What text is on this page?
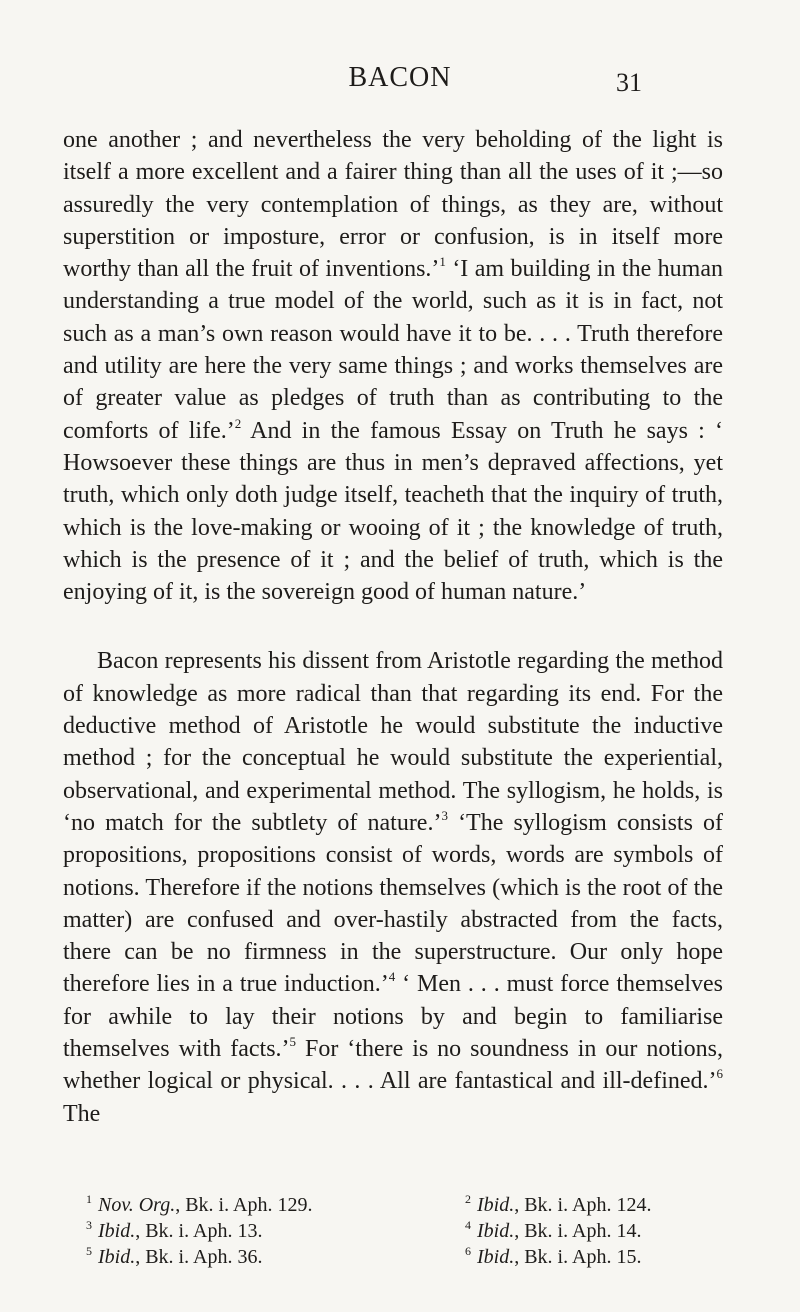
BACON	31

one another ; and nevertheless the very beholding of the light is itself a more excellent and a fairer thing than all the uses of it ;—so assuredly the very contemplation of things, as they are, without superstition or imposture, error or confusion, is in itself more worthy than all the fruit of inventions.’$^1$ ‘I am building in the human understanding a true model of the world, such as it is in fact, not such as a man’s own reason would have it to be. . . . Truth therefore and utility are here the very same things ; and works themselves are of greater value as pledges of truth than as contributing to the comforts of life.’$^2$ And in the famous Essay on Truth he says : ‘ Howsoever these things are thus in men’s depraved affections, yet truth, which only doth judge itself, teacheth that the inquiry of truth, which is the love-making or wooing of it ; the knowledge of truth, which is the presence of it ; and the belief of truth, which is the enjoying of it, is the sovereign good of human nature.’

Bacon represents his dissent from Aristotle regarding the method of knowledge as more radical than that regarding its end. For the deductive method of Aristotle he would substitute the inductive method ; for the conceptual he would substitute the experiential, observational, and experimental method. The syllogism, he holds, is ‘no match for the subtlety of nature.’$^3$ ‘The syllogism consists of propositions, propositions consist of words, words are symbols of notions. Therefore if the notions themselves (which is the root of the matter) are confused and over-hastily abstracted from the facts, there can be no firmness in the superstructure. Our only hope therefore lies in a true induction.’$^4$ ‘ Men . . . must force themselves for awhile to lay their notions by and begin to familiarise themselves with facts.’$^5$ For ‘there is no soundness in our notions, whether logical or physical. . . . All are fantastical and ill-defined.’$^6$ The

$^1$ Nov. Org., Bk. i. Aph. 129.	$^2$ Ibid., Bk. i. Aph. 124.
$^3$ Ibid., Bk. i. Aph. 13.	$^4$ Ibid., Bk. i. Aph. 14.
$^5$ Ibid., Bk. i. Aph. 36.	$^6$ Ibid., Bk. i. Aph. 15.
